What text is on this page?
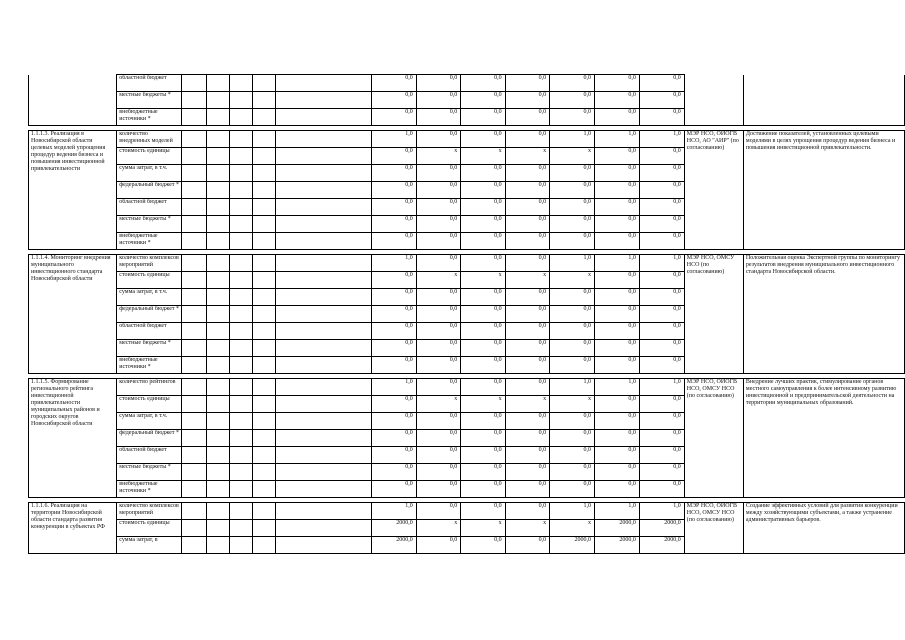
	областной бюджет						0,0	0,0	0,0	0,0	0,0	0,0	0,0		
	местные бюджеты *						0,0	0,0	0,0	0,0	0,0	0,0	0,0		
	внебюджетные источники *						0,0	0,0	0,0	0,0	0,0	0,0	0,0		

1.1.1.3. Реализация в Новосибирской области целевых моделей упрощения процедур ведения бизнеса и повышения инвестиционной привлекательности	количество внедренных моделей						1,0	0,0	0,0	0,0	1,0	1,0	1,0	МЭР НСО, ОИОГВ НСО, АО "АИР" (по согласованию)	Достижение показателей, установленных целевыми моделями в целях упрощения процедур ведения бизнеса и повышения инвестиционной привлекательности.
	стоимость единицы						0,0	x	x	x	x	0,0	0,0		
	сумма затрат, в т.ч.						0,0	0,0	0,0	0,0	0,0	0,0	0,0		
	федеральный бюджет *						0,0	0,0	0,0	0,0	0,0	0,0	0,0		
	областной бюджет						0,0	0,0	0,0	0,0	0,0	0,0	0,0		
	местные бюджеты *						0,0	0,0	0,0	0,0	0,0	0,0	0,0		
	внебюджетные источники *						0,0	0,0	0,0	0,0	0,0	0,0	0,0		

1.1.1.4. Мониторинг внедрения муниципального инвестиционного стандарта Новосибирской области	количество комплексов мероприятий						1,0	0,0	0,0	0,0	1,0	1,0	1,0	МЭР НСО, ОМСУ НСО (по согласованию)	Положительная оценка Экспертной группы по мониторингу результатов внедрения муниципального инвестиционного стандарта Новосибирской области.
	стоимость единицы						0,0	x	x	x	x	0,0	0,0		
	сумма затрат, в т.ч.						0,0	0,0	0,0	0,0	0,0	0,0	0,0		
	федеральный бюджет *						0,0	0,0	0,0	0,0	0,0	0,0	0,0		
	областной бюджет						0,0	0,0	0,0	0,0	0,0	0,0	0,0		
	местные бюджеты *						0,0	0,0	0,0	0,0	0,0	0,0	0,0		
	внебюджетные источники *						0,0	0,0	0,0	0,0	0,0	0,0	0,0		

1.1.1.5. Формирование регионального рейтинга инвестиционной привлекательности муниципальных районов и городских округов Новосибирской области	количество рейтингов						1,0	0,0	0,0	0,0	1,0	1,0	1,0	МЭР НСО, ОИОГВ НСО, ОМСУ НСО (по согласованию)	Внедрение лучших практик, стимулирование органов местного самоуправления к более интенсивному развитию инвестиционной и предпринимательской деятельности на территории муниципальных образований.
	стоимость единицы						0,0	x	x	x	x	0,0	0,0		
	сумма затрат, в т.ч.						0,0	0,0	0,0	0,0	0,0	0,0	0,0		
	федеральный бюджет *						0,0	0,0	0,0	0,0	0,0	0,0	0,0		
	областной бюджет						0,0	0,0	0,0	0,0	0,0	0,0	0,0		
	местные бюджеты *						0,0	0,0	0,0	0,0	0,0	0,0	0,0		
	внебюджетные источники *						0,0	0,0	0,0	0,0	0,0	0,0	0,0		

1.1.1.6. Реализация на территории Новосибирской области стандарта развития конкуренции в субъектах РФ	количество комплексов мероприятий						1,0	0,0	0,0	0,0	1,0	1,0	1,0	МЭР НСО, ОИОГВ НСО, ОМСУ НСО (по согласованию)	Создание эффективных условий для развития конкуренции между хозяйствующими субъектами, а также устранение административных барьеров.
	стоимость единицы						2000,0	x	x	x	x	2000,0	2000,0		
	сумма затрат, в						2000,0	0,0	0,0	0,0	2000,0	2000,0	2000,0		
